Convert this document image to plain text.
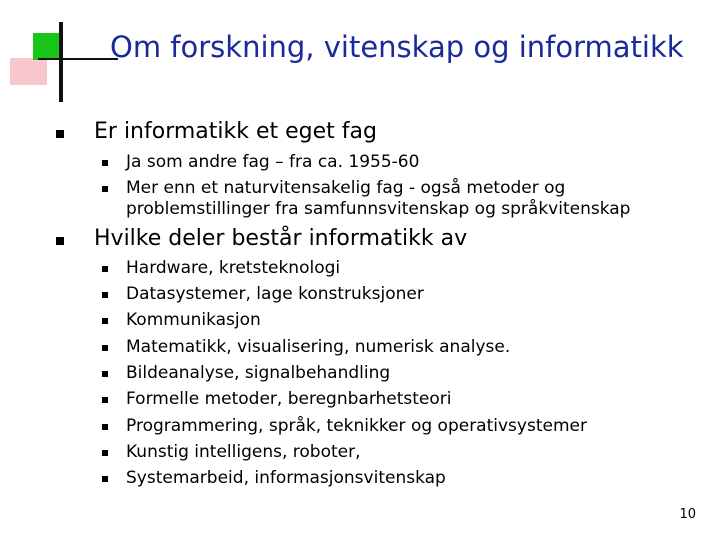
Om forskning, vitenskap og informatikk
Er informatikk et eget fag
Ja som andre fag – fra ca. 1955-60
Mer enn et naturvitensakelig fag - også metoder og problemstillinger fra samfunnsvitenskap og språkvitenskap
Hvilke deler består informatikk av
Hardware, kretsteknologi
Datasystemer, lage konstruksjoner
Kommunikasjon
Matematikk, visualisering, numerisk analyse.
Bildeanalyse, signalbehandling
Formelle metoder, beregnbarhetsteori
Programmering, språk, teknikker og operativsystemer
Kunstig intelligens, roboter,
Systemarbeid, informasjonsvitenskap
10
